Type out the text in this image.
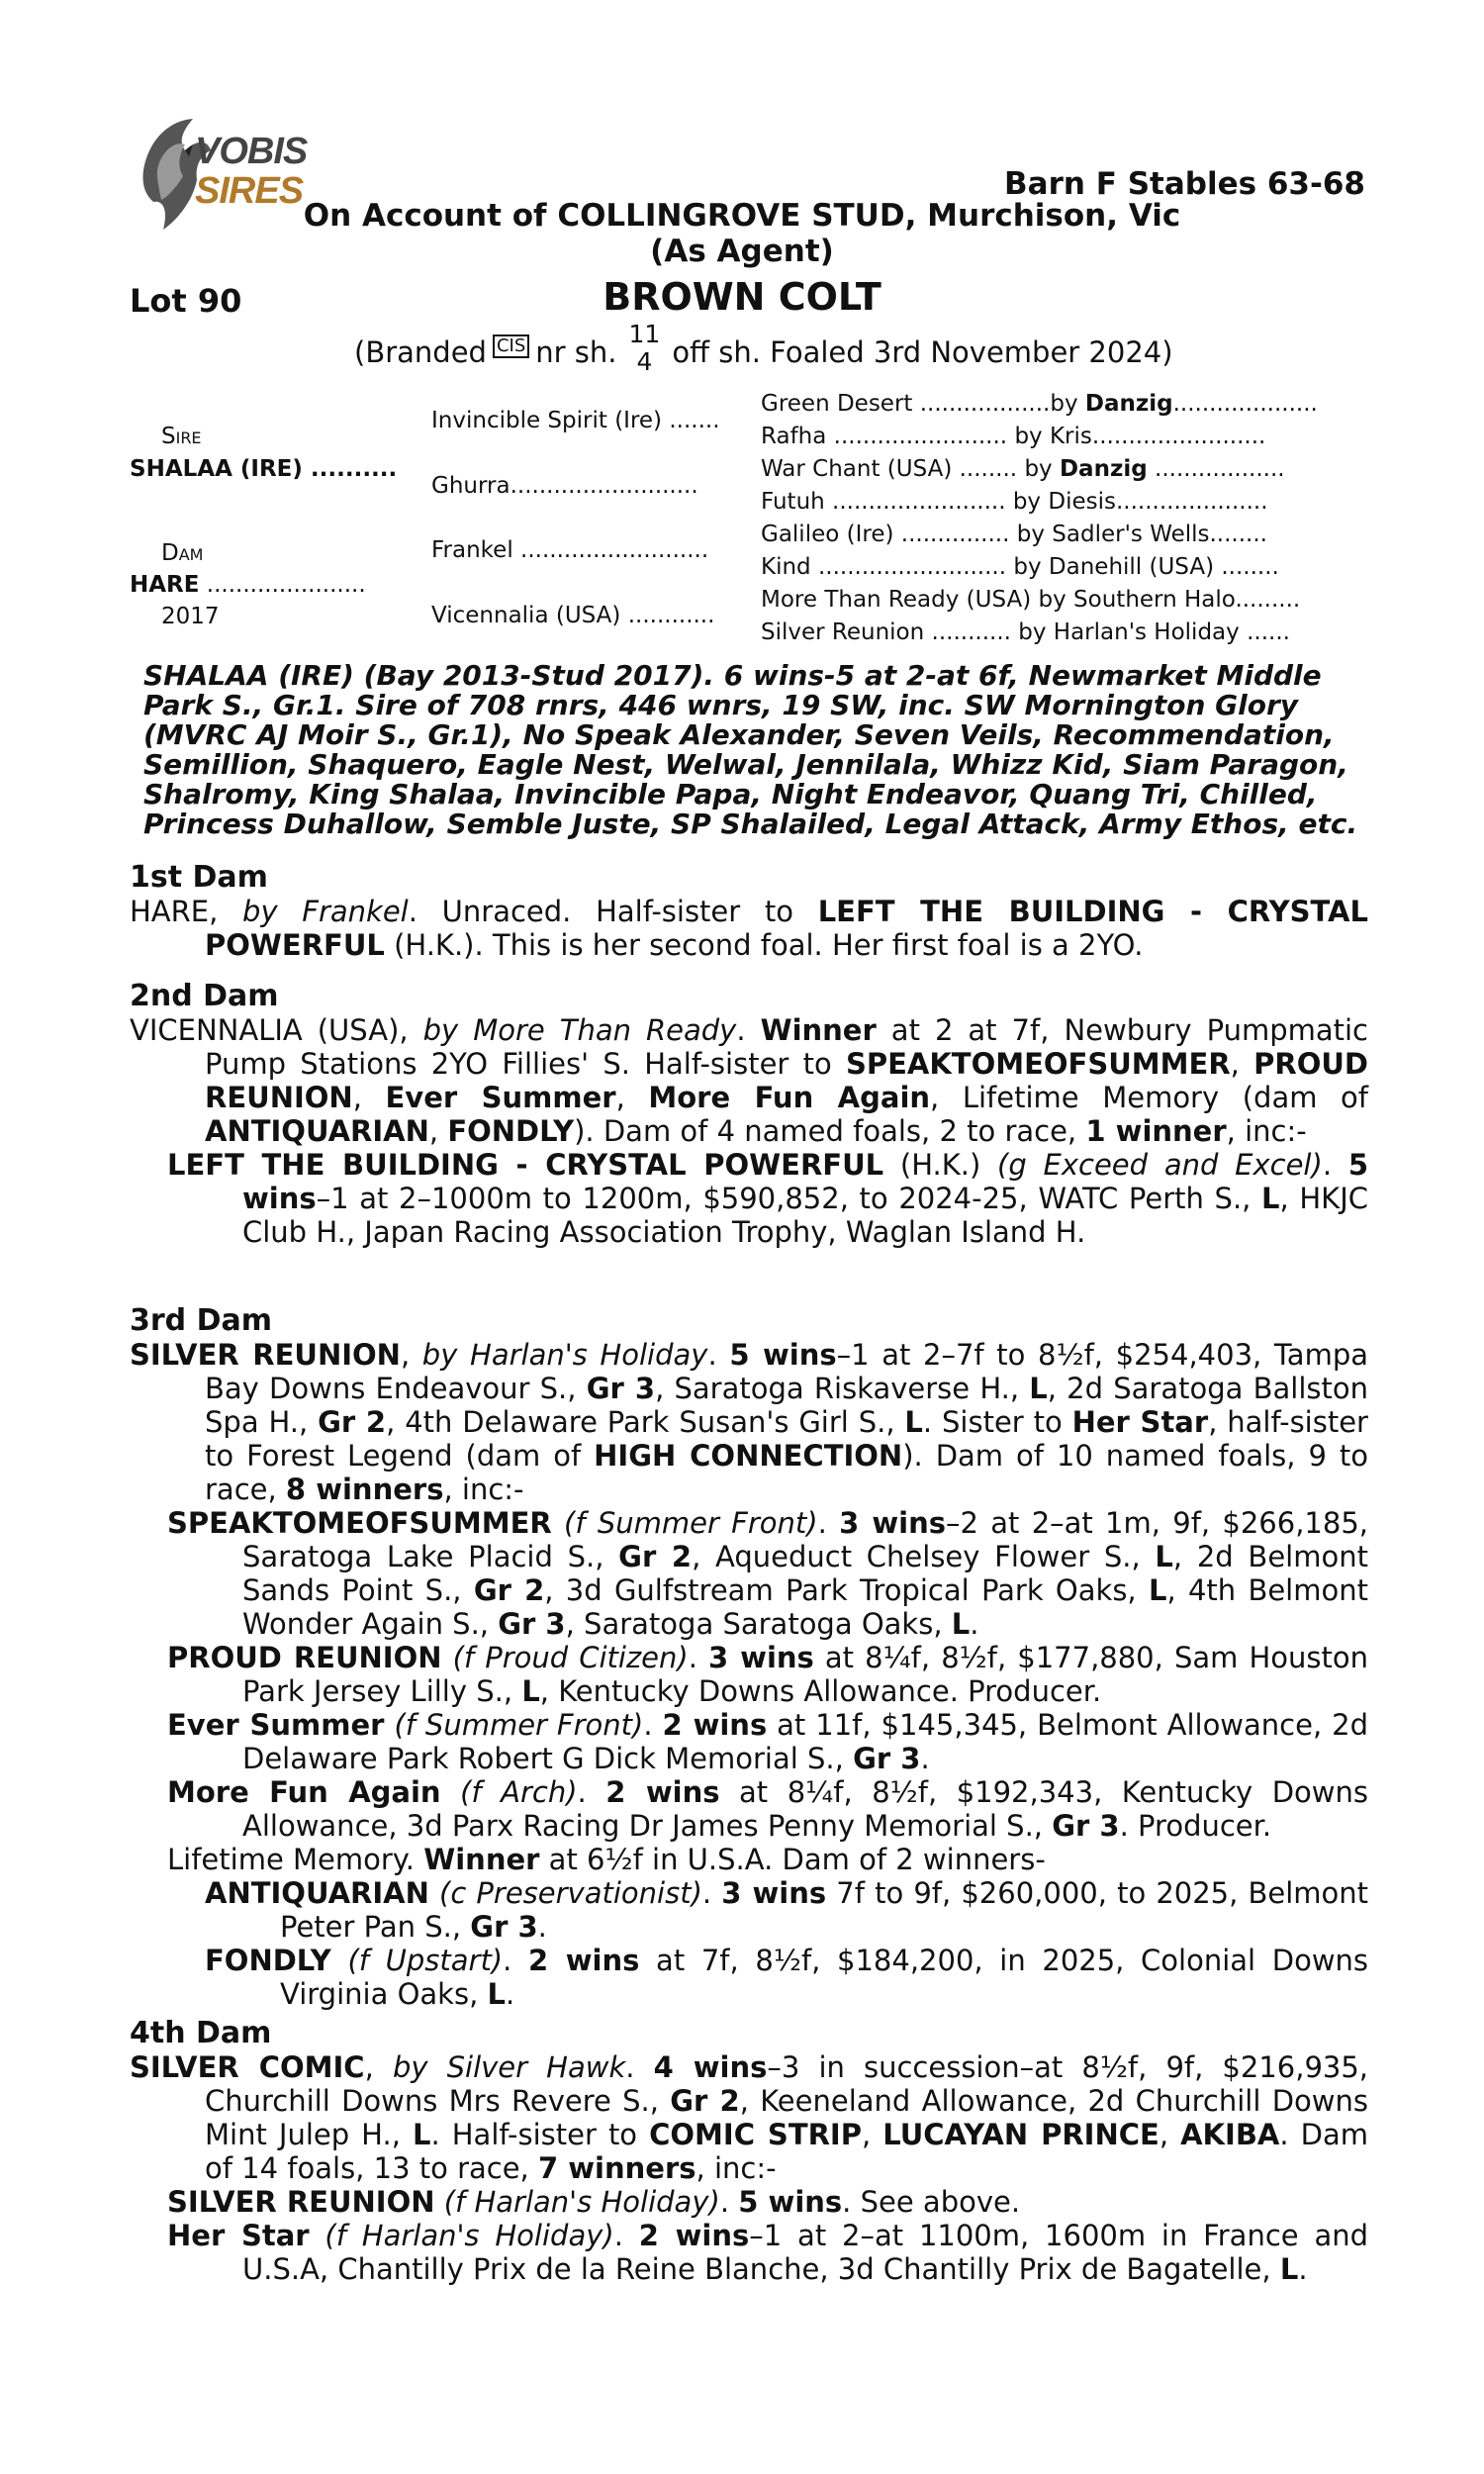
VOBIS
SIRES	Barn F Stables 63-68
On Account of COLLINGROVE STUD, Murchison, Vic
(As Agent)
Lot 90	BROWN COLT
(Branded CIS nr sh.
11
4 off sh. Foaled 3rd November 2024)
Sire
SHALAA (IRE) ..........
Dam
HARE ......................
2017
Invincible Spirit (Ire) .......
Ghurra..........................
Frankel ..........................
Vicennalia (USA) ............
Green Desert ..................by Danzig....................
Rafha ........................ by Kris........................
War Chant (USA) ........ by Danzig ..................
Futuh ........................ by Diesis.....................
Galileo (Ire) ............... by Sadler's Wells........
Kind .......................... by Danehill (USA) ........
More Than Ready (USA) by Southern Halo.........
Silver Reunion ........... by Harlan's Holiday ......
SHALAA (IRE) (Bay 2013-Stud 2017). 6 wins-5 at 2-at 6f, Newmarket Middle Park S., Gr.1. Sire of 708 rnrs, 446 wnrs, 19 SW, inc. SW Mornington Glory (MVRC AJ Moir S., Gr.1), No Speak Alexander, Seven Veils, Recommendation, Semillion, Shaquero, Eagle Nest, Welwal, Jennilala, Whizz Kid, Siam Paragon, Shalromy, King Shalaa, Invincible Papa, Night Endeavor, Quang Tri, Chilled, Princess Duhallow, Semble Juste, SP Shalailed, Legal Attack, Army Ethos, etc.
1st Dam

HARE, by Frankel. Unraced. Half-sister to LEFT THE BUILDING - CRYSTAL POWERFUL (H.K.). This is her second foal. Her first foal is a 2YO.

2nd Dam

VICENNALIA (USA), by More Than Ready. Winner at 2 at 7f, Newbury Pumpmatic Pump Stations 2YO Fillies' S. Half-sister to SPEAKTOMEOFSUMMER, PROUD REUNION, Ever Summer, More Fun Again, Lifetime Memory (dam of ANTIQUARIAN, FONDLY). Dam of 4 named foals, 2 to race, 1 winner, inc:-

LEFT THE BUILDING - CRYSTAL POWERFUL (H.K.) (g Exceed and Excel). 5 wins–1 at 2–1000m to 1200m, $590,852, to 2024-25, WATC Perth S., L, HKJC Club H., Japan Racing Association Trophy, Waglan Island H.

3rd Dam

SILVER REUNION, by Harlan's Holiday. 5 wins–1 at 2–7f to 8½f, $254,403, Tampa Bay Downs Endeavour S., Gr 3, Saratoga Riskaverse H., L, 2d Saratoga Ballston Spa H., Gr 2, 4th Delaware Park Susan's Girl S., L. Sister to Her Star, half-sister to Forest Legend (dam of HIGH CONNECTION). Dam of 10 named foals, 9 to race, 8 winners, inc:-

SPEAKTOMEOFSUMMER (f Summer Front). 3 wins–2 at 2–at 1m, 9f, $266,185, Saratoga Lake Placid S., Gr 2, Aqueduct Chelsey Flower S., L, 2d Belmont Sands Point S., Gr 2, 3d Gulfstream Park Tropical Park Oaks, L, 4th Belmont Wonder Again S., Gr 3, Saratoga Saratoga Oaks, L.

PROUD REUNION (f Proud Citizen). 3 wins at 8¼f, 8½f, $177,880, Sam Houston Park Jersey Lilly S., L, Kentucky Downs Allowance. Producer.

Ever Summer (f Summer Front). 2 wins at 11f, $145,345, Belmont Allowance, 2d Delaware Park Robert G Dick Memorial S., Gr 3.

More Fun Again (f Arch). 2 wins at 8¼f, 8½f, $192,343, Kentucky Downs Allowance, 3d Parx Racing Dr James Penny Memorial S., Gr 3. Producer.

Lifetime Memory. Winner at 6½f in U.S.A. Dam of 2 winners-

ANTIQUARIAN (c Preservationist). 3 wins 7f to 9f, $260,000, to 2025, Belmont Peter Pan S., Gr 3.

FONDLY (f Upstart). 2 wins at 7f, 8½f, $184,200, in 2025, Colonial Downs Virginia Oaks, L.

4th Dam

SILVER COMIC, by Silver Hawk. 4 wins–3 in succession–at 8½f, 9f, $216,935, Churchill Downs Mrs Revere S., Gr 2, Keeneland Allowance, 2d Churchill Downs Mint Julep H., L. Half-sister to COMIC STRIP, LUCAYAN PRINCE, AKIBA. Dam of 14 foals, 13 to race, 7 winners, inc:-

SILVER REUNION (f Harlan's Holiday). 5 wins. See above.

Her Star (f Harlan's Holiday). 2 wins–1 at 2–at 1100m, 1600m in France and U.S.A, Chantilly Prix de la Reine Blanche, 3d Chantilly Prix de Bagatelle, L.
